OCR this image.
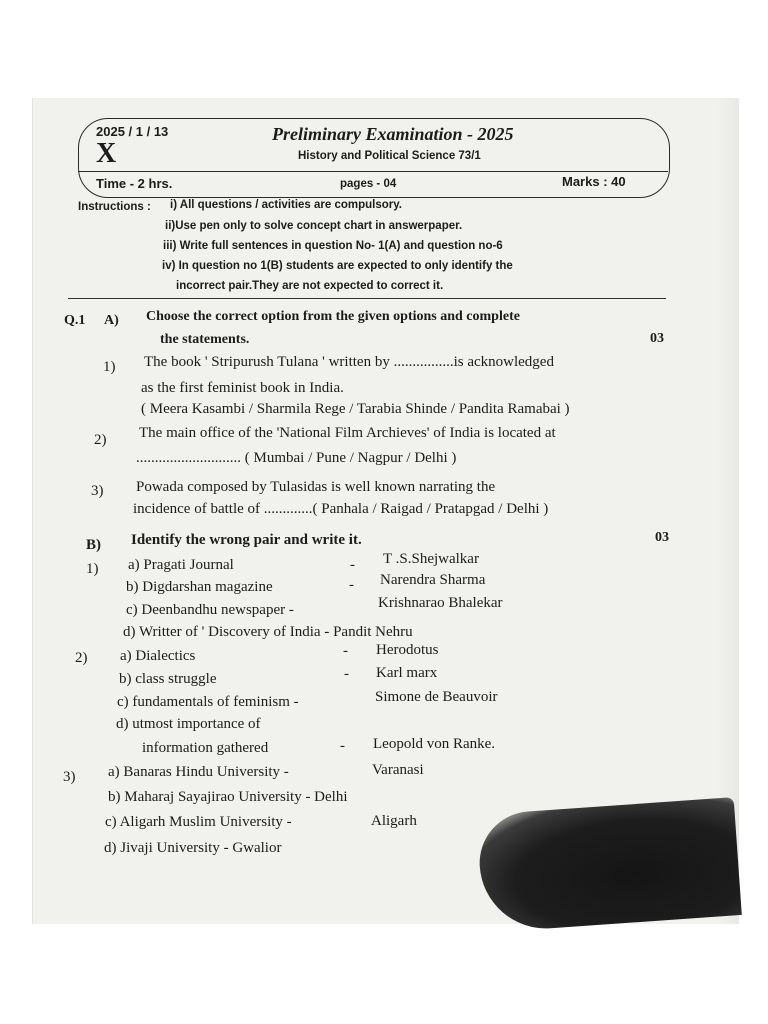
2025 / 1 / 13
X
Preliminary Examination - 2025
History and Political Science 73/1
Time - 2 hrs.	pages - 04	Marks : 40
Instructions : i) All questions / activities are compulsory.
ii)Use pen only to solve concept chart in answerpaper.
iii) Write full sentences in question No- 1(A) and question no-6
iv) In question no 1(B) students are expected to only identify the
incorrect pair.They are not expected to correct it.
Q.1 A) Choose the correct option from the given options and complete
the statements.	03
1) The book ' Stripurush Tulana ' written by ................is acknowledged
as the first feminist book in India.
( Meera Kasambi / Sharmila Rege / Tarabia Shinde / Pandita Ramabai )
2) The main office of the 'National Film Archieves' of India is located at
............................ ( Mumbai / Pune / Nagpur / Delhi )
3) Powada composed by Tulasidas is well known narrating the
incidence of battle of .............( Panhala / Raigad / Pratapgad / Delhi )
B) Identify the wrong pair and write it.	03
1) a) Pragati Journal	- T .S.Shejwalkar
b) Digdarshan magazine	- Narendra Sharma
c) Deenbandhu newspaper -	Krishnarao Bhalekar
d) Writter of ' Discovery of India - Pandit Nehru
2) a) Dialectics	- Herodotus
b) class struggle	- Karl marx
c) fundamentals of feminism -	Simone de Beauvoir
d) utmost importance of
information gathered	- Leopold von Ranke.
3) a) Banaras Hindu University -	Varanasi
b) Maharaj Sayajirao University - Delhi
c) Aligarh Muslim University -	Aligarh
d) Jivaji University - Gwalior
